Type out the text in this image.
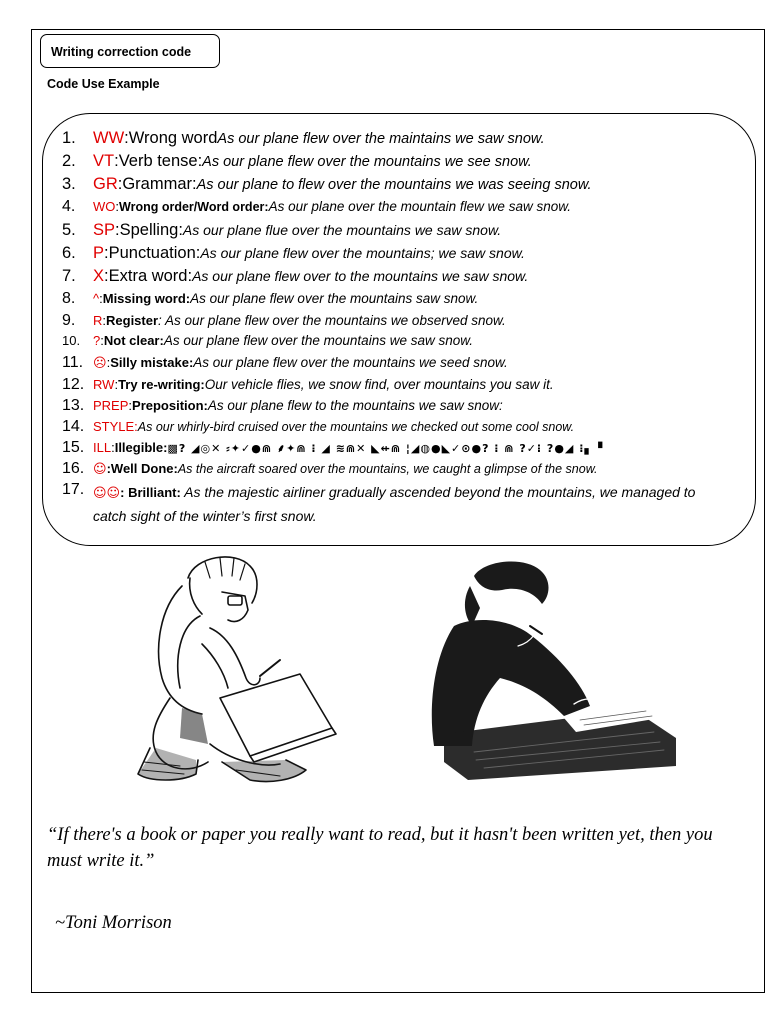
Writing correction code
Code Use Example
1.	WW : Wrong word As our plane flew over the maintains we saw snow.
2.	VT : Verb tense: As our plane flew over the mountains we see snow.
3.	GR : Grammar: As our plane to flew over the mountains we was seeing snow.
4.	WO : Wrong order/Word order: As our plane over the mountain flew we saw snow.
5.	SP : Spelling: As our plane flue over the mountains we saw snow.
6.	P : Punctuation: As our plane flew over the mountains; we saw snow.
7.	X : Extra word: As our plane flew over to the mountains we saw snow.
8.	^ : Missing word: As our plane flew over the mountains saw snow.
9.	R : Register : As our plane flew over the mountains we observed snow.
10. ? : Not clear: As our plane flew over the mountains we saw snow.
11. ☹ : Silly mistake: As our plane flew over the mountains we seed snow.
12. RW : Try re-writing: Our vehicle flies, we snow find, over mountains you saw it.
13. PREP : Preposition: As our plane flew to the mountains we saw snow:
14. STYLE: As our whirly-bird cruised over the mountains we checked out some cool snow.
15. ILL : Illegible: ▩? ◢◎✕ ⸗✦✓●⋒ ⸙✦⋒ ⁝ ◢ ≋⋒✕ ◣⇷⋒ ¦◢◍●◣✓⊙●? ⁝ ⋒ ?✓⁝ ?●◢ ⁝▖▝
16. ☺ : Well Done: As the aircraft soared over the mountains, we caught a glimpse of the snow.
17. ☺☺: Brilliant: As the majestic airliner gradually ascended beyond the mountains, we managed to catch sight of the winter’s first snow.
“If there's a book or paper you really want to read, but it hasn't been written yet, then you must write it.”
~Toni Morrison
